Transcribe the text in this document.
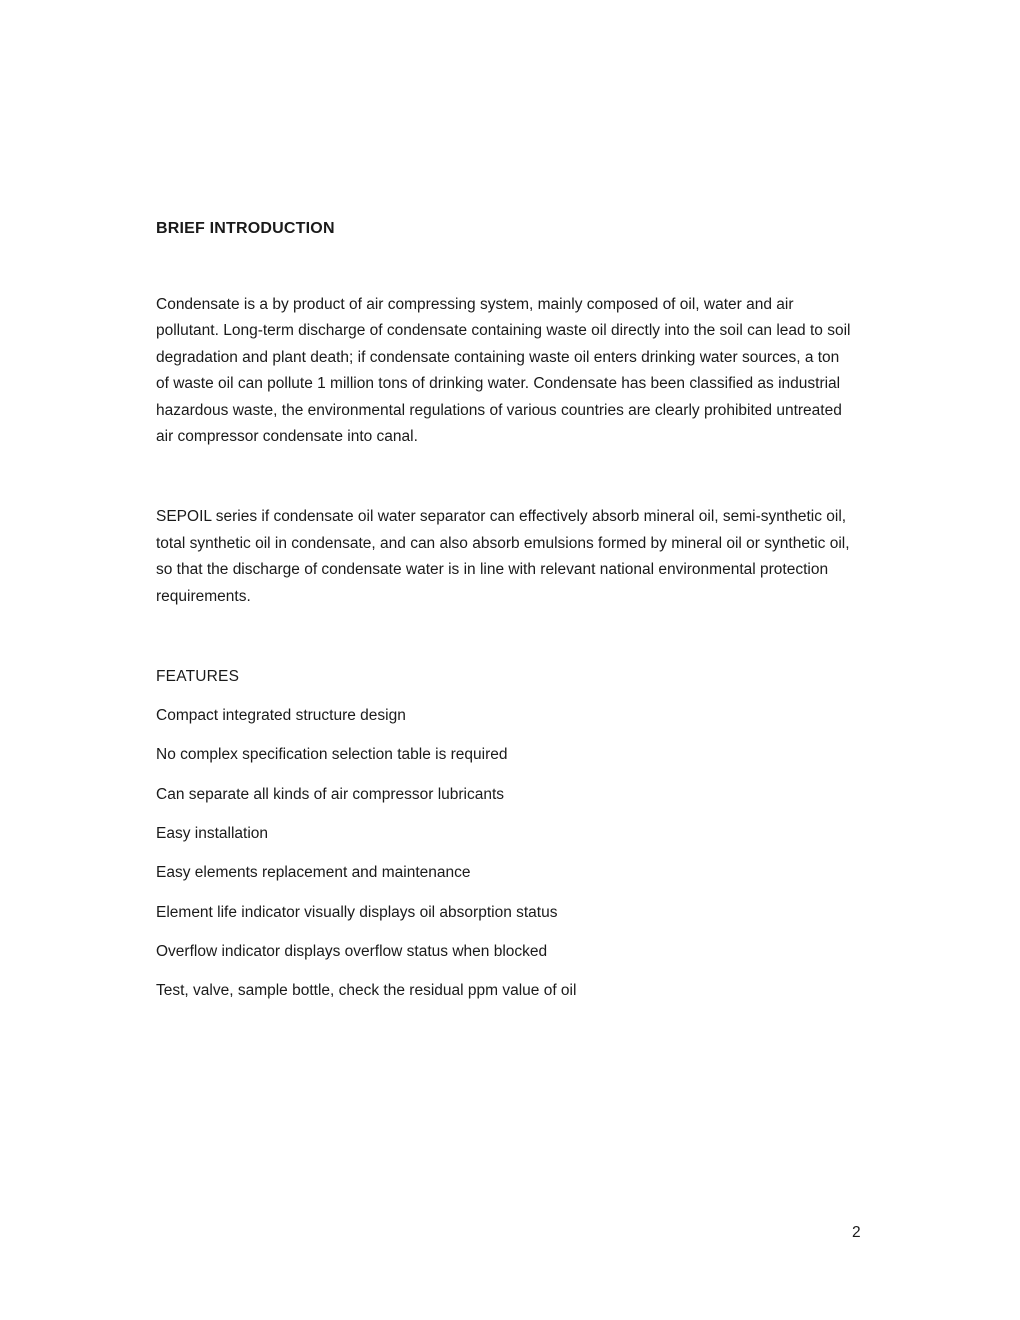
BRIEF INTRODUCTION

Condensate is a by product of air compressing system, mainly composed of oil, water and air pollutant. Long-term discharge of condensate containing waste oil directly into the soil can lead to soil degradation and plant death; if condensate containing waste oil enters drinking water sources, a ton of waste oil can pollute 1 million tons of drinking water. Condensate has been classified as industrial hazardous waste, the environmental regulations of various countries are clearly prohibited untreated air compressor condensate into canal.

SEPOIL series if condensate oil water separator can effectively absorb mineral oil, semi-synthetic oil, total synthetic oil in condensate, and can also absorb emulsions formed by mineral oil or synthetic oil, so that the discharge of condensate water is in line with relevant national environmental protection requirements.

FEATURES
Compact integrated structure design
No complex specification selection table is required
Can separate all kinds of air compressor lubricants
Easy installation
Easy elements replacement and maintenance
Element life indicator visually displays oil absorption status
Overflow indicator displays overflow status when blocked
Test, valve, sample bottle, check the residual ppm value of oil
2
